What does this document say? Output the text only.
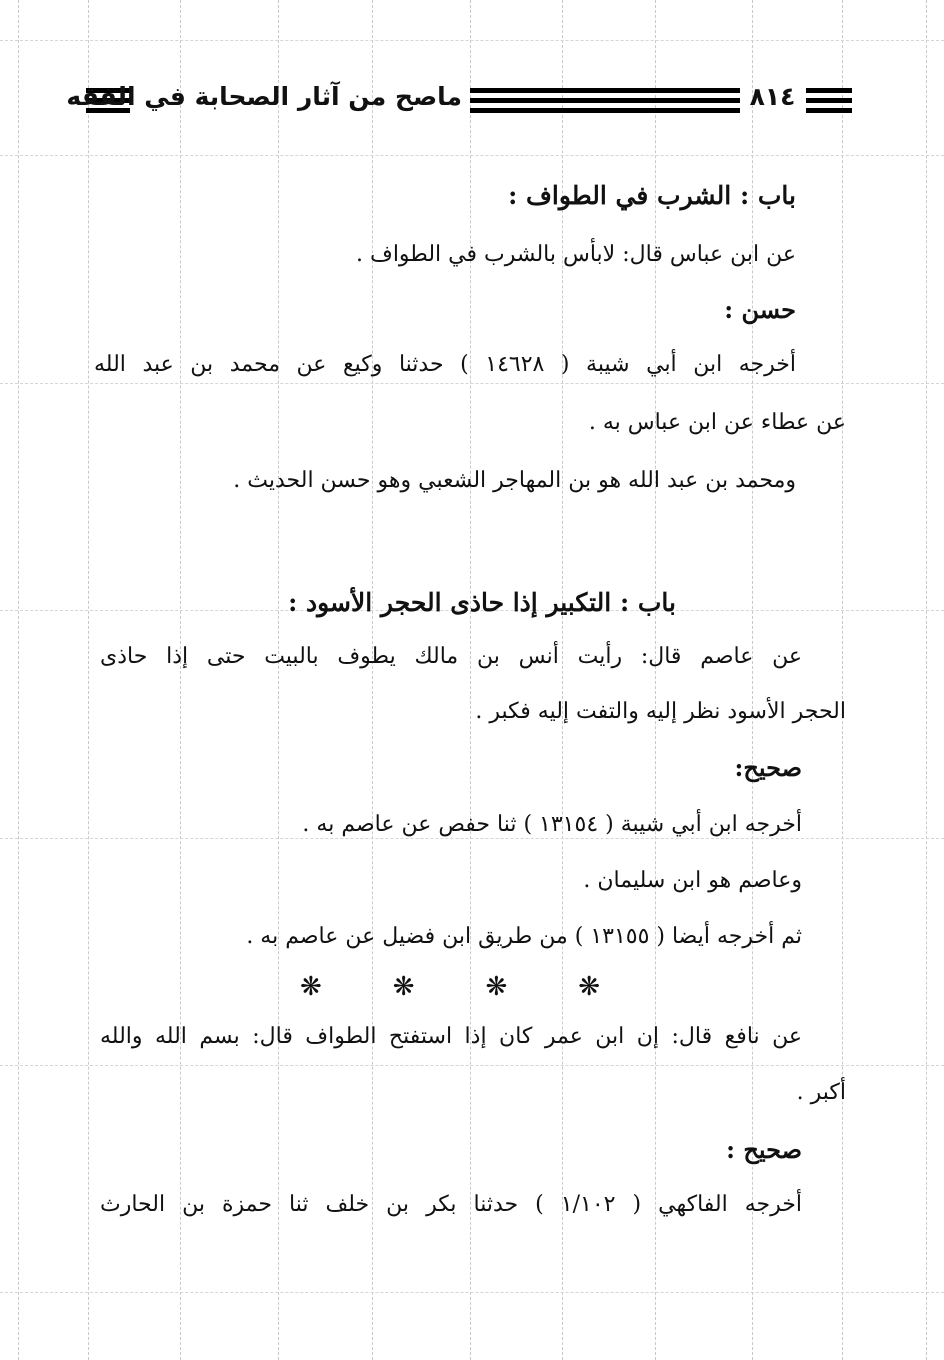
ماصح من آثار الصحابة في الفقه	٨١٤
باب : الشرب في الطواف :
عن ابن عباس قال: لابأس بالشرب في الطواف .
حسن :
أخرجه ابن أبي شيبة ( ١٤٦٢٨ ) حدثنا وكيع عن محمد بن عبد الله
عن عطاء عن ابن عباس به .
ومحمد بن عبد الله هو بن المهاجر الشعبي وهو حسن الحديث .
باب : التكبير إذا حاذى الحجر الأسود :
عن عاصم قال: رأيت أنس بن مالك يطوف بالبيت حتى إذا حاذى
الحجر الأسود نظر إليه والتفت إليه فكبر .
صحيح:
أخرجه ابن أبي شيبة ( ١٣١٥٤ ) ثنا حفص عن عاصم به .
وعاصم هو ابن سليمان .
ثم أخرجه أيضا ( ١٣١٥٥ ) من طريق ابن فضيل عن عاصم به .
❋	❋	❋	❋
عن نافع قال: إن ابن عمر كان إذا استفتح الطواف قال: بسم الله والله
أكبر .
صحيح :
أخرجه الفاكهي ( ١/١٠٢ ) حدثنا بكر بن خلف ثنا حمزة بن الحارث
